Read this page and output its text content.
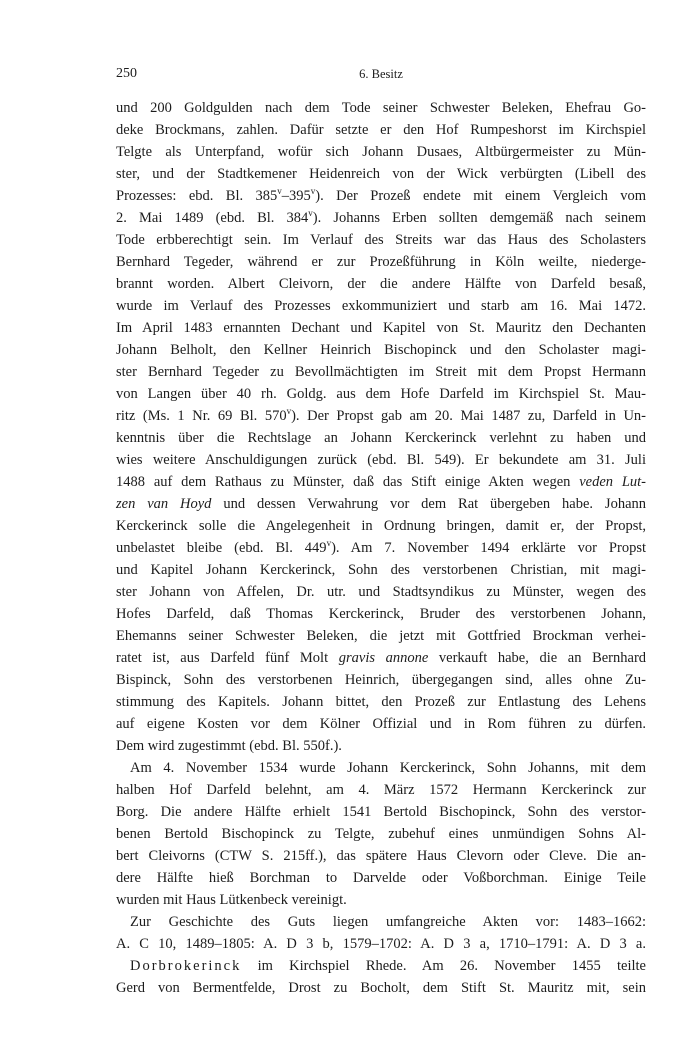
250	6. Besitz
und 200 Goldgulden nach dem Tode seiner Schwester Beleken, Ehefrau Go-
deke Brockmans, zahlen. Dafür setzte er den Hof Rumpeshorst im Kirchspiel
Telgte als Unterpfand, wofür sich Johann Dusaes, Altbürgermeister zu Mün-
ster, und der Stadtkemener Heidenreich von der Wick verbürgten (Libell des
Prozesses: ebd. Bl. 385$^v$–395$^v$). Der Prozeß endete mit einem Vergleich vom
2. Mai 1489 (ebd. Bl. 384$^v$). Johanns Erben sollten demgemäß nach seinem
Tode erbberechtigt sein. Im Verlauf des Streits war das Haus des Scholasters
Bernhard Tegeder, während er zur Prozeßführung in Köln weilte, niederge-
brannt worden. Albert Cleivorn, der die andere Hälfte von Darfeld besaß,
wurde im Verlauf des Prozesses exkommuniziert und starb am 16. Mai 1472.
Im April 1483 ernannten Dechant und Kapitel von St. Mauritz den Dechanten
Johann Belholt, den Kellner Heinrich Bischopinck und den Scholaster magi-
ster Bernhard Tegeder zu Bevollmächtigten im Streit mit dem Propst Hermann
von Langen über 40 rh. Goldg. aus dem Hofe Darfeld im Kirchspiel St. Mau-
ritz (Ms. 1 Nr. 69 Bl. 570$^v$). Der Propst gab am 20. Mai 1487 zu, Darfeld in Un-
kenntnis über die Rechtslage an Johann Kerckerinck verlehnt zu haben und
wies weitere Anschuldigungen zurück (ebd. Bl. 549). Er bekundete am 31. Juli
1488 auf dem Rathaus zu Münster, daß das Stift einige Akten wegen veden Lut-
zen van Hoyd und dessen Verwahrung vor dem Rat übergeben habe. Johann
Kerckerinck solle die Angelegenheit in Ordnung bringen, damit er, der Propst,
unbelastet bleibe (ebd. Bl. 449$^v$). Am 7. November 1494 erklärte vor Propst
und Kapitel Johann Kerckerinck, Sohn des verstorbenen Christian, mit magi-
ster Johann von Affelen, Dr. utr. und Stadtsyndikus zu Münster, wegen des
Hofes Darfeld, daß Thomas Kerckerinck, Bruder des verstorbenen Johann,
Ehemanns seiner Schwester Beleken, die jetzt mit Gottfried Brockman verhei-
ratet ist, aus Darfeld fünf Molt gravis annone verkauft habe, die an Bernhard
Bispinck, Sohn des verstorbenen Heinrich, übergegangen sind, alles ohne Zu-
stimmung des Kapitels. Johann bittet, den Prozeß zur Entlastung des Lehens
auf eigene Kosten vor dem Kölner Offizial und in Rom führen zu dürfen.
Dem wird zugestimmt (ebd. Bl. 550f.).
Am 4. November 1534 wurde Johann Kerckerinck, Sohn Johanns, mit dem
halben Hof Darfeld belehnt, am 4. März 1572 Hermann Kerckerinck zur
Borg. Die andere Hälfte erhielt 1541 Bertold Bischopinck, Sohn des verstor-
benen Bertold Bischopinck zu Telgte, zubehuf eines unmündigen Sohns Al-
bert Cleivorns (CTW S. 215ff.), das spätere Haus Clevorn oder Cleve. Die an-
dere Hälfte hieß Borchman to Darvelde oder Voßborchman. Einige Teile
wurden mit Haus Lütkenbeck vereinigt.
Zur Geschichte des Guts liegen umfangreiche Akten vor: 1483–1662:
A. C 10, 1489–1805: A. D 3 b, 1579–1702: A. D 3 a, 1710–1791: A. D 3 a.
Dorbrokerinck im Kirchspiel Rhede. Am 26. November 1455 teilte
Gerd von Bermentfelde, Drost zu Bocholt, dem Stift St. Mauritz mit, sein
